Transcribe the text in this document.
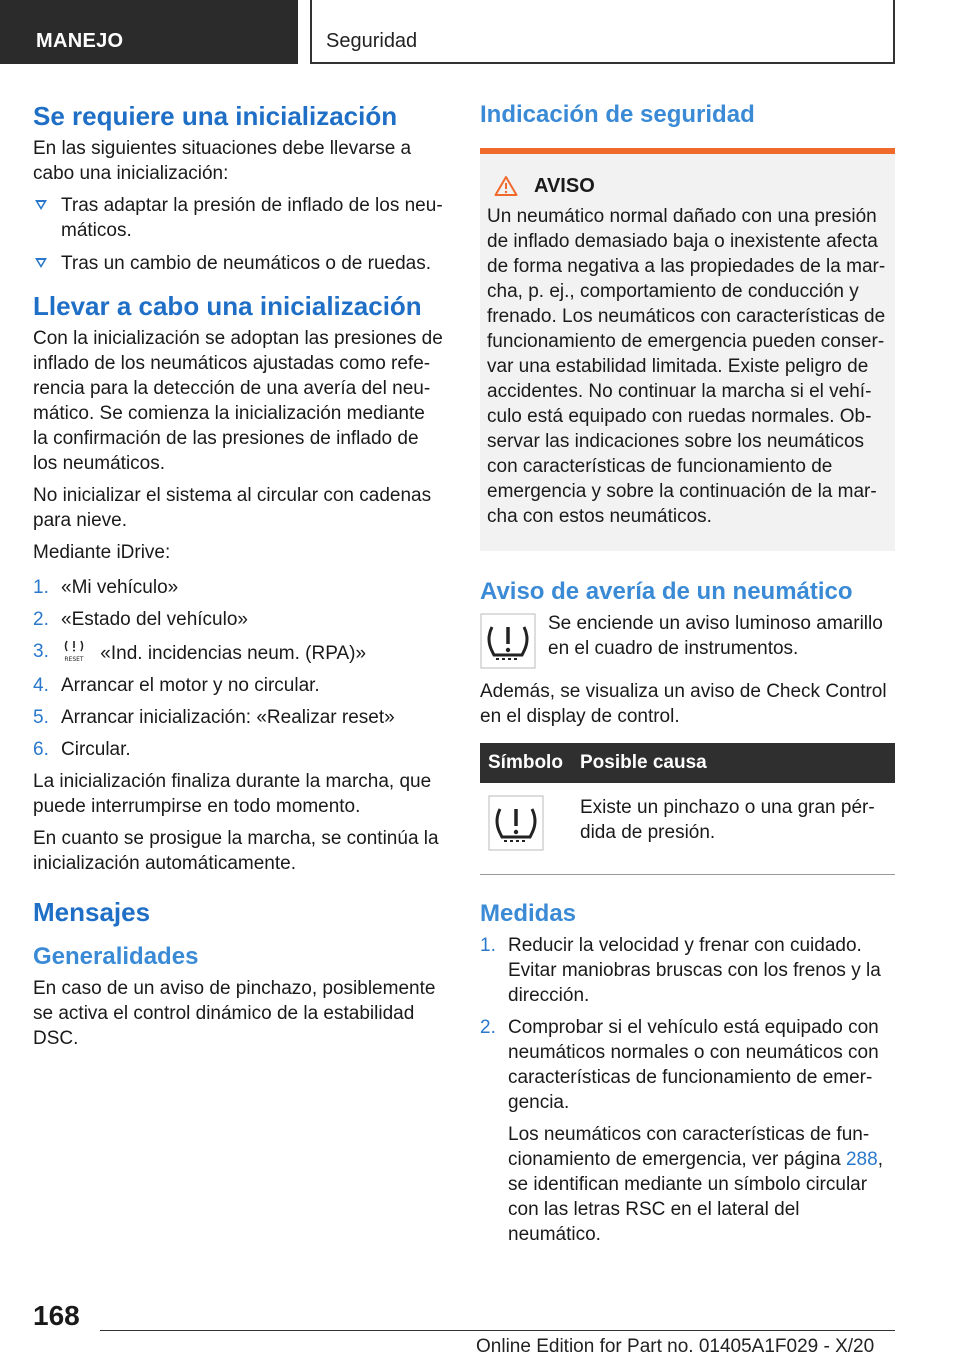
MANEJO	Seguridad
Se requiere una inicialización
En las siguientes situaciones debe llevarse a cabo una inicialización:
Tras adaptar la presión de inflado de los neu-máticos.
Tras un cambio de neumáticos o de ruedas.
Llevar a cabo una inicialización
Con la inicialización se adoptan las presiones de inflado de los neumáticos ajustadas como refe-rencia para la detección de una avería del neu-mático. Se comienza la inicialización mediante la confirmación de las presiones de inflado de los neumáticos.
No inicializar el sistema al circular con cadenas para nieve.
Mediante iDrive:
1. «Mi vehículo»
2. «Estado del vehículo»
3.	RESET «Ind. incidencias neum. (RPA)»
4. Arrancar el motor y no circular.
5. Arrancar inicialización: «Realizar reset»
6. Circular.
La inicialización finaliza durante la marcha, que puede interrumpirse en todo momento.
En cuanto se prosigue la marcha, se continúa la inicialización automáticamente.
Mensajes
Generalidades
En caso de un aviso de pinchazo, posiblemente se activa el control dinámico de la estabilidad DSC.
Indicación de seguridad
AVISO
Un neumático normal dañado con una presión de inflado demasiado baja o inexistente afecta de forma negativa a las propiedades de la mar-cha, p. ej., comportamiento de conducción y frenado. Los neumáticos con características de funcionamiento de emergencia pueden conser-var una estabilidad limitada. Existe peligro de accidentes. No continuar la marcha si el vehí-culo está equipado con ruedas normales. Ob-servar las indicaciones sobre los neumáticos con características de funcionamiento de emergencia y sobre la continuación de la mar-cha con estos neumáticos.
Aviso de avería de un neumático
Se enciende un aviso luminoso amarillo en el cuadro de instrumentos.
Además, se visualiza un aviso de Check Control en el display de control.
Símbolo	Posible causa
	Existe un pinchazo o una gran pér-dida de presión.
Medidas
1. Reducir la velocidad y frenar con cuidado. Evitar maniobras bruscas con los frenos y la dirección.
2. Comprobar si el vehículo está equipado con neumáticos normales o con neumáticos con características de funcionamiento de emer-gencia.
Los neumáticos con características de fun-cionamiento de emergencia, ver página 288, se identifican mediante un símbolo circular con las letras RSC en el lateral del neumático.
168
Online Edition for Part no. 01405A1F029 - X/20
